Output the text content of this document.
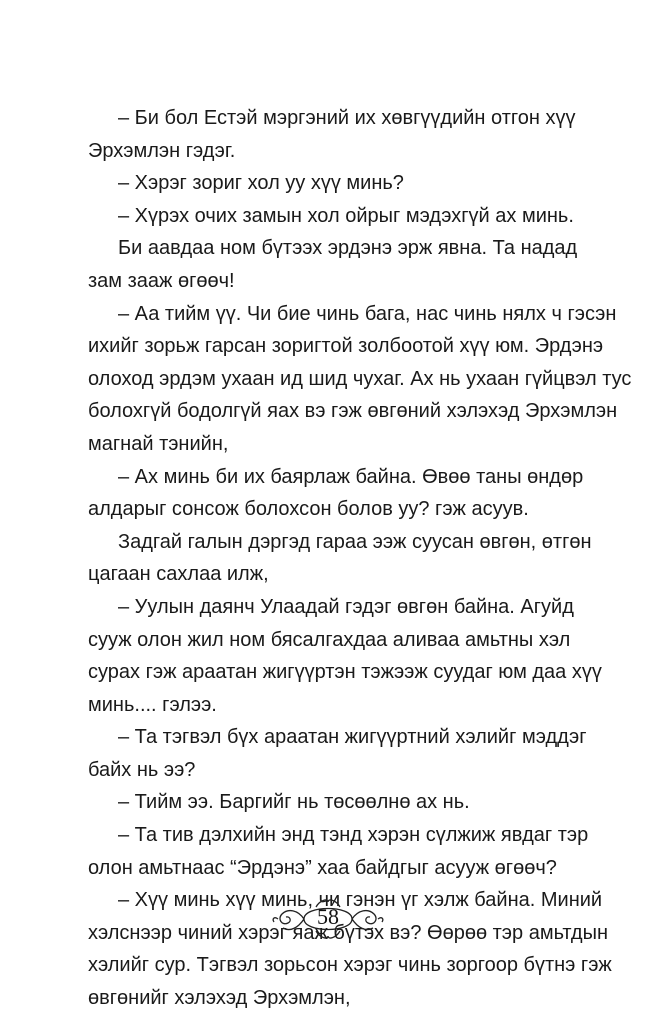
– Би бол Естэй мэргэний их хөвгүүдийн отгон хүү
Эрхэмлэн гэдэг.
– Хэрэг зориг хол уу хүү минь?
– Хүрэх очих замын хол ойрыг мэдэхгүй ах минь.
Би аавдаа ном бүтээх эрдэнэ эрж явна. Та надад
зам зааж өгөөч!
– Аа тийм үү. Чи бие чинь бага, нас чинь нялх ч гэсэн
ихийг зорьж гарсан зоригтой золбоотой хүү юм. Эрдэнэ
олоход эрдэм ухаан ид шид чухаг. Ах нь ухаан гүйцвэл тус
болохгүй бодолгүй яах вэ гэж өвгөний хэлэхэд Эрхэмлэн
магнай тэнийн,
– Ах минь би их баярлаж байна. Өвөө таны өндөр
алдарыг сонсож болохсон болов уу? гэж асуув.
Задгай галын дэргэд гараа ээж суусан өвгөн, өтгөн
цагаан сахлаа илж,
– Уулын даянч Улаадай гэдэг өвгөн байна. Агуйд
сууж олон жил ном бясалгахдаа аливаа амьтны хэл
сурах гэж араатан жигүүртэн тэжээж суудаг юм даа хүү
минь.... гэлээ.
– Та тэгвэл бүх араатан жигүүртний хэлийг мэддэг
байх нь ээ?
– Тийм ээ. Баргийг нь төсөөлнө ах нь.
– Та тив дэлхийн энд тэнд хэрэн сүлжиж явдаг тэр
олон амьтнаас “Эрдэнэ” хаа байдгыг асууж өгөөч?
– Хүү минь хүү минь, чи гэнэн үг хэлж байна. Миний
хэлснээр чиний хэрэг яаж бүтэх вэ? Өөрөө тэр амьтдын
хэлийг сур. Тэгвэл зорьсон хэрэг чинь зоргоор бүтнэ гэж
өвгөнийг хэлэхэд Эрхэмлэн,
58
